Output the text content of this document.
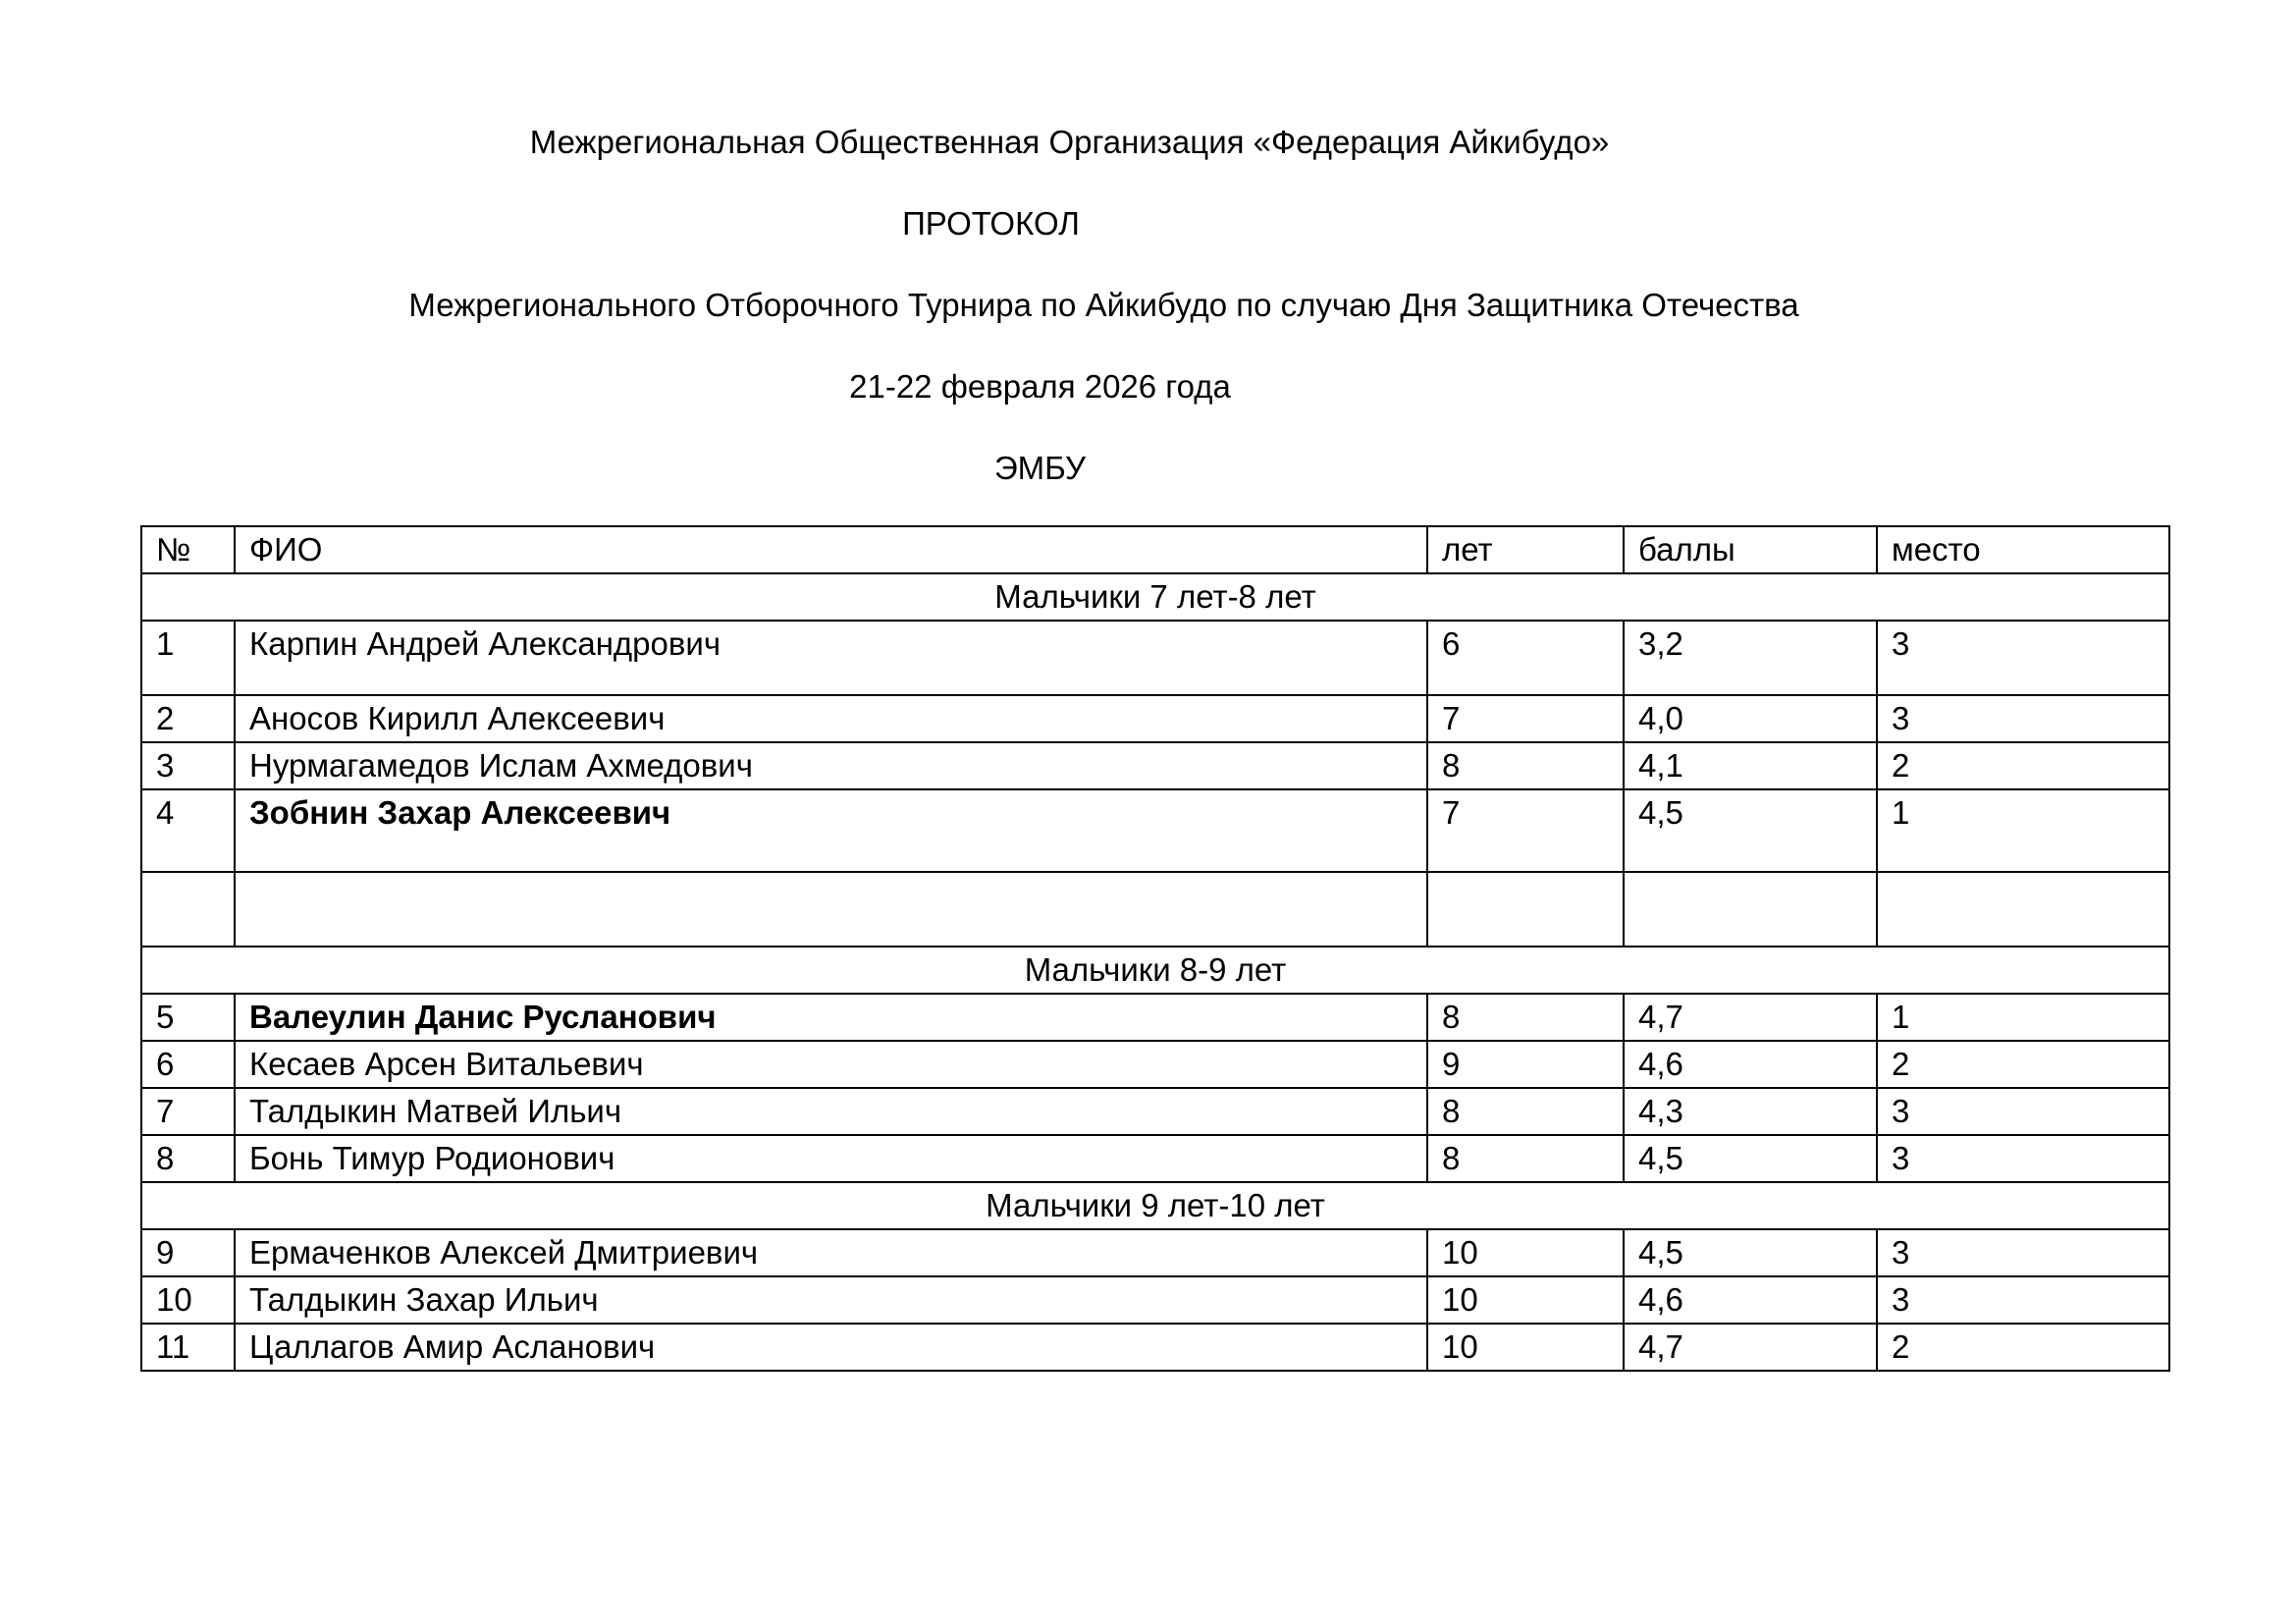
Межрегиональная Общественная Организация «Федерация Айкибудо»
ПРОТОКОЛ
Межрегионального Отборочного Турнира по Айкибудо по случаю Дня Защитника Отечества
21-22 февраля 2026 года
ЭМБУ
№	ФИО	лет	баллы	место
Мальчики 7 лет-8 лет				
1	Карпин Андрей Александрович	6	3,2	3
2	Аносов Кирилл Алексеевич	7	4,0	3
3	Нурмагамедов Ислам Ахмедович	8	4,1	2
4	Зобнин Захар Алексеевич	7	4,5	1

Мальчики 8-9 лет				
5	Валеулин Данис Русланович	8	4,7	1
6	Кесаев Арсен Витальевич	9	4,6	2
7	Талдыкин Матвей Ильич	8	4,3	3
8	Бонь Тимур Родионович	8	4,5	3
Мальчики 9 лет-10 лет				
9	Ермаченков Алексей Дмитриевич	10	4,5	3
10	Талдыкин Захар Ильич	10	4,6	3
11	Цаллагов Амир Асланович	10	4,7	2
